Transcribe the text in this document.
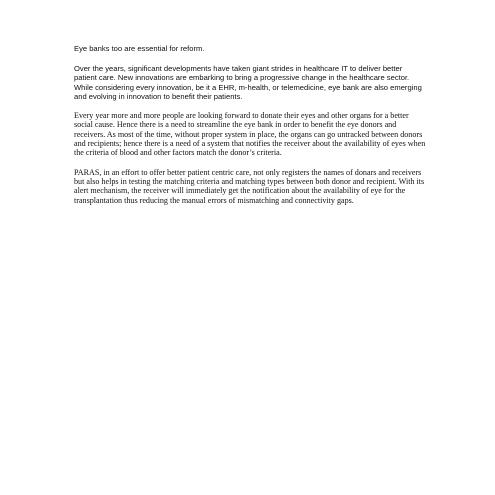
Eye banks too are essential for reform.

Over the years, significant developments have taken giant strides in healthcare IT to deliver better patient care. New innovations are embarking to bring a progressive change in the healthcare sector. While considering every innovation, be it a EHR, m-health, or telemedicine, eye bank are also emerging and evolving in innovation to benefit their patients.

Every year more and more people are looking forward to donate their eyes and other organs for a better social cause. Hence there is a need to streamline the eye bank in order to benefit the eye donors and receivers. As most of the time, without proper system in place, the organs can go untracked between donors and recipients; hence there is a need of a system that notifies the receiver about the availability of eyes when the criteria of blood and other factors match the donor’s criteria.

PARAS, in an effort to offer better patient centric care, not only registers the names of donars and receivers but also helps in testing the matching criteria and matching types between both donor and recipient. With its alert mechanism, the receiver will immediately get the notification about the availability of eye for the transplantation thus reducing the manual errors of mismatching and connectivity gaps.
